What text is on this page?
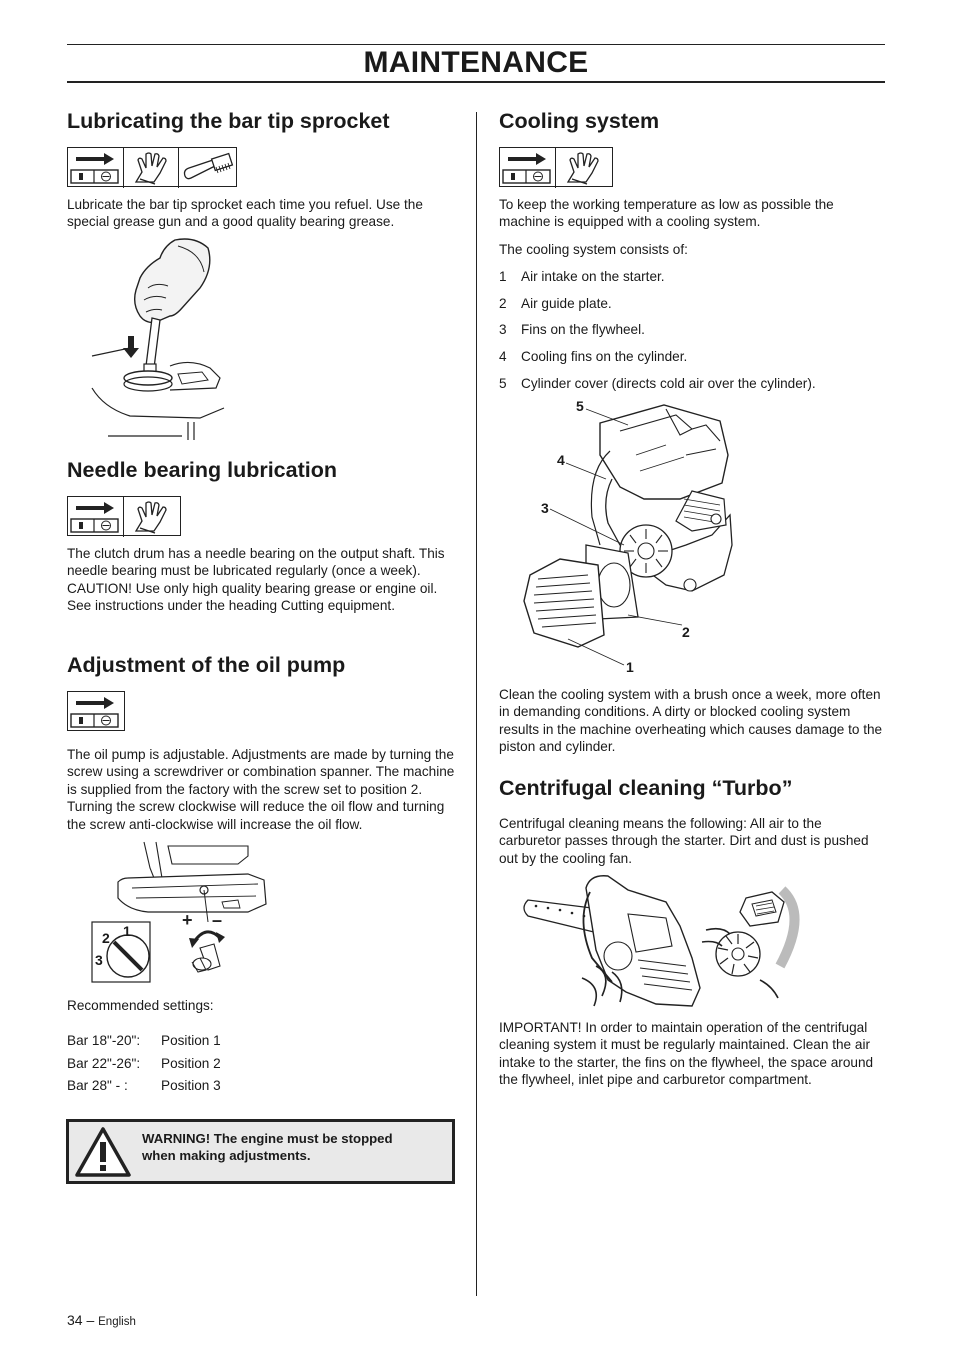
MAINTENANCE
Lubricating the bar tip sprocket

Lubricate the bar tip sprocket each time you refuel. Use the special grease gun and a good quality bearing grease.

Needle bearing lubrication

The clutch drum has a needle bearing on the output shaft. This needle bearing must be lubricated regularly (once a week). CAUTION! Use only high quality bearing grease or engine oil. See instructions under the heading Cutting equipment.

Adjustment of the oil pump

The oil pump is adjustable. Adjustments are made by turning the screw using a screwdriver or combination spanner. The machine is supplied from the factory with the screw set to position 2. Turning the screw clockwise will reduce the oil flow and turning the screw anti-clockwise will increase the oil flow.

+ –
1
2
3

Recommended settings:

Bar 18"-20": Position 1
Bar 22"-26": Position 2
Bar 28" - : Position 3
WARNING! The engine must be stopped
when making adjustments.
Cooling system

To keep the working temperature as low as possible the machine is equipped with a cooling system.

The cooling system consists of:

1 Air intake on the starter.
2 Air guide plate.
3 Fins on the flywheel.
4 Cooling fins on the cylinder.
5 Cylinder cover (directs cold air over the cylinder).
5
4
3
2
1

Clean the cooling system with a brush once a week, more often in demanding conditions. A dirty or blocked cooling system results in the machine overheating which causes damage to the piston and cylinder.

Centrifugal cleaning “Turbo”

Centrifugal cleaning means the following: All air to the carburetor passes through the starter. Dirt and dust is pushed out by the cooling fan.

IMPORTANT! In order to maintain operation of the centrifugal cleaning system it must be regularly maintained. Clean the air intake to the starter, the fins on the flywheel, the space around the flywheel, inlet pipe and carburetor compartment.

34 – English
